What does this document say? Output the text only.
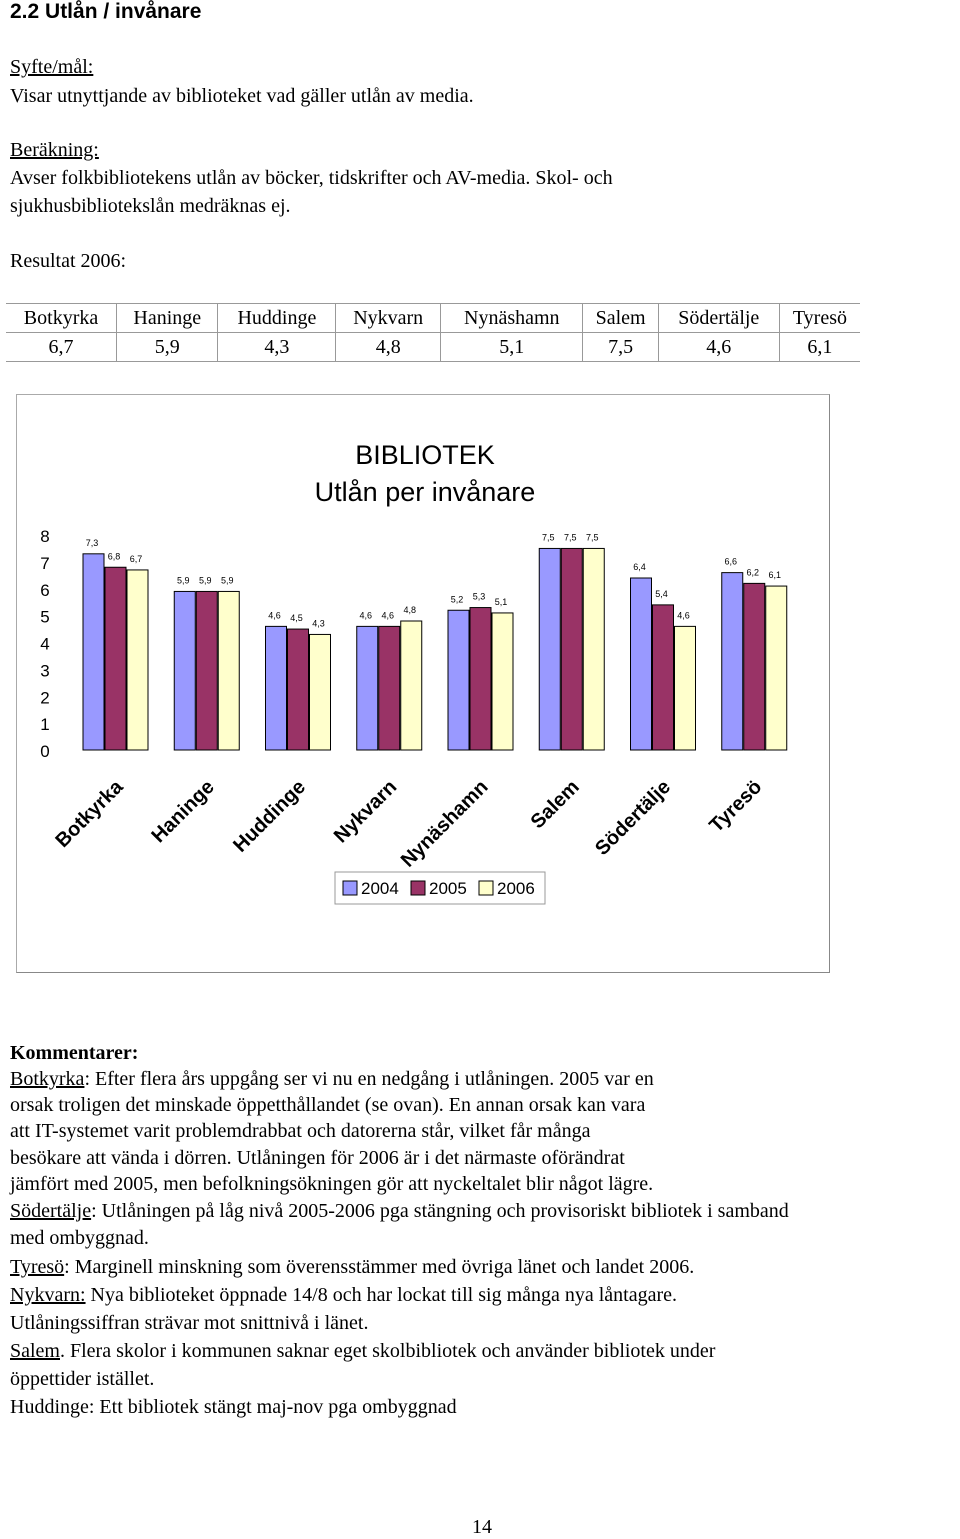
2.2 Utlån / invånare
Syfte/mål:
Visar utnyttjande av biblioteket vad gäller utlån av media.
Beräkning:
Avser folkbibliotekens utlån av böcker, tidskrifter och AV-media. Skol- och
sjukhusbibliotekslån medräknas ej.
Resultat 2006:
Botkyrka	Haninge	Huddinge	Nykvarn	Nynäshamn	Salem	Södertälje	Tyresö
6,7	5,9	4,3	4,8	5,1	7,5	4,6	6,1
BIBLIOTEK
Utlån per invånare
0
1
2
3
4
5
6
7
8	7,3
6,8 6,7
5,9 5,9 5,9
4,6 4,5
4,3
4,6 4,6
4,8
5,2 5,3
5,1
7,5 7,5 7,5
6,4
5,4
4,6
6,6
6,2 6,1
Botkyrka Haninge Huddinge Nykvarn
Nynäshamn Salem Södertälje Tyresö
2004 2005 2006
Kommentarer:
Botkyrka: Efter flera års uppgång ser vi nu en nedgång i utlåningen. 2005 var en
orsak troligen det minskade öppetthållandet (se ovan). En annan orsak kan vara
att IT-systemet varit problemdrabbat och datorerna står, vilket får många
besökare att vända i dörren. Utlåningen för 2006 är i det närmaste oförändrat
jämfört med 2005, men befolkningsökningen gör att nyckeltalet blir något lägre.
Södertälje: Utlåningen på låg nivå 2005-2006 pga stängning och provisoriskt bibliotek i samband
med ombyggnad.
Tyresö: Marginell minskning som överensstämmer med övriga länet och landet 2006.
Nykvarn: Nya biblioteket öppnade 14/8 och har lockat till sig många nya låntagare.
Utlåningssiffran strävar mot snittnivå i länet.
Salem. Flera skolor i kommunen saknar eget skolbibliotek och använder bibliotek under
öppettider istället.
Huddinge: Ett bibliotek stängt maj-nov pga ombyggnad
14
